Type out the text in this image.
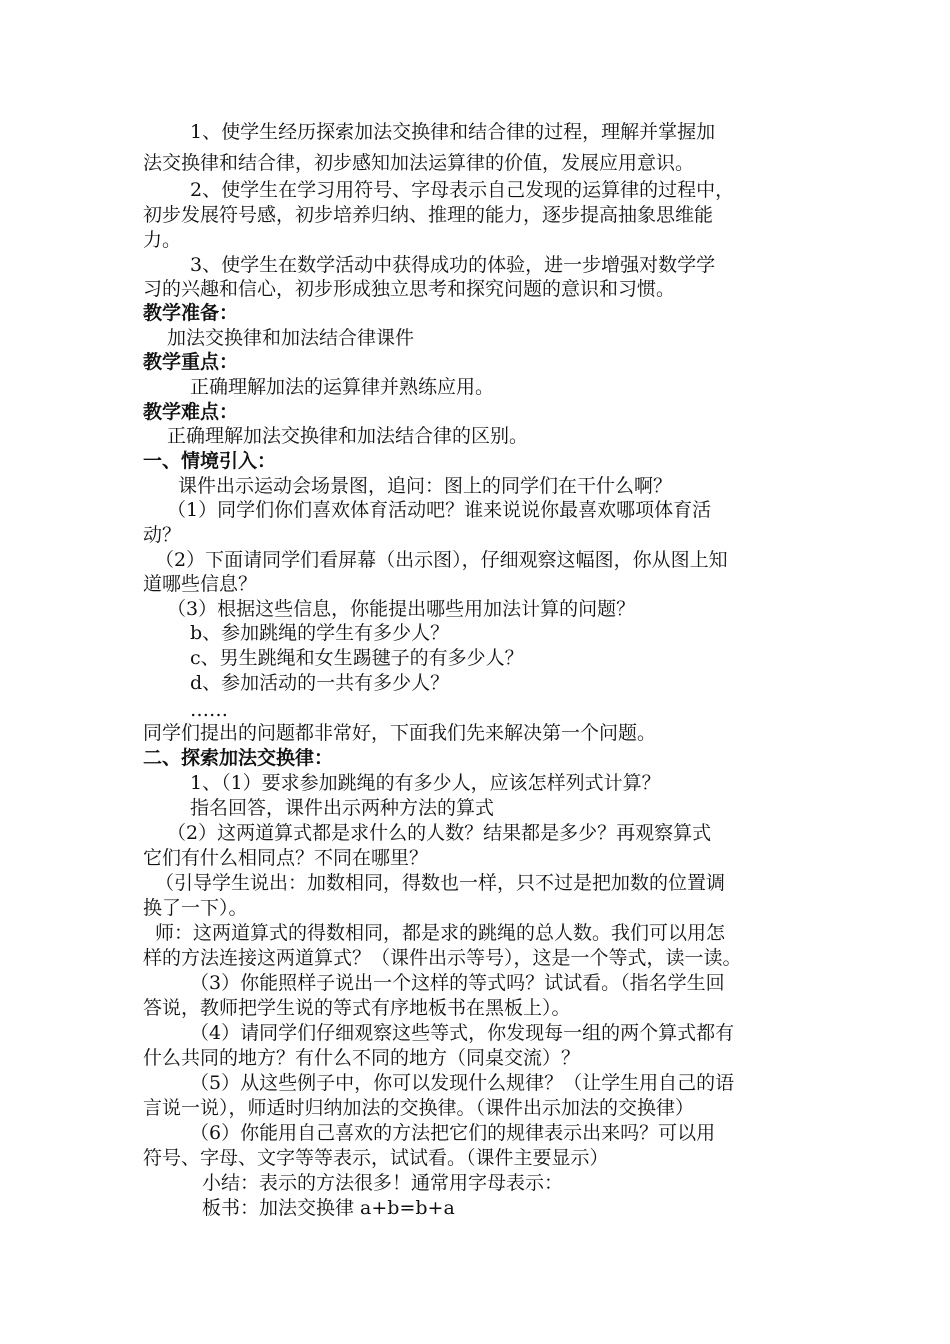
1、使学生经历探索加法交换律和结合律的过程，理解并掌握加
法交换律和结合律，初步感知加法运算律的价值，发展应用意识。
2、使学生在学习用符号、字母表示自己发现的运算律的过程中，
初步发展符号感，初步培养归纳、推理的能力，逐步提高抽象思维能
力。
3、使学生在数学活动中获得成功的体验，进一步增强对数学学
习的兴趣和信心，初步形成独立思考和探究问题的意识和习惯。
教学准备：
加法交换律和加法结合律课件
教学重点：
正确理解加法的运算律并熟练应用。
教学难点：
正确理解加法交换律和加法结合律的区别。
一、情境引入：
课件出示运动会场景图，追问：图上的同学们在干什么啊？
（1）同学们你们喜欢体育活动吧？谁来说说你最喜欢哪项体育活
动？
（2）下面请同学们看屏幕（出示图），仔细观察这幅图，你从图上知
道哪些信息？
（3）根据这些信息，你能提出哪些用加法计算的问题？
b、参加跳绳的学生有多少人？
c、男生跳绳和女生踢毽子的有多少人？
d、参加活动的一共有多少人？
……
同学们提出的问题都非常好，下面我们先来解决第一个问题。
二、探索加法交换律：
1、（1）要求参加跳绳的有多少人，应该怎样列式计算？
指名回答，课件出示两种方法的算式
（2）这两道算式都是求什么的人数？结果都是多少？再观察算式
它们有什么相同点？不同在哪里？
（引导学生说出：加数相同，得数也一样，只不过是把加数的位置调
换了一下）。
师：这两道算式的得数相同，都是求的跳绳的总人数。我们可以用怎
样的方法连接这两道算式？（课件出示等号），这是一个等式，读一读。
（3）你能照样子说出一个这样的等式吗？试试看。（指名学生回
答说，教师把学生说的等式有序地板书在黑板上）。
（4）请同学们仔细观察这些等式，你发现每一组的两个算式都有
什么共同的地方？有什么不同的地方（同桌交流）？
（5）从这些例子中，你可以发现什么规律？（让学生用自己的语
言说一说），师适时归纳加法的交换律。（课件出示加法的交换律）
（6）你能用自己喜欢的方法把它们的规律表示出来吗？可以用
符号、字母、文字等等表示，试试看。（课件主要显示）
小结：表示的方法很多！通常用字母表示：
板书：加法交换律 a+b=b+a
